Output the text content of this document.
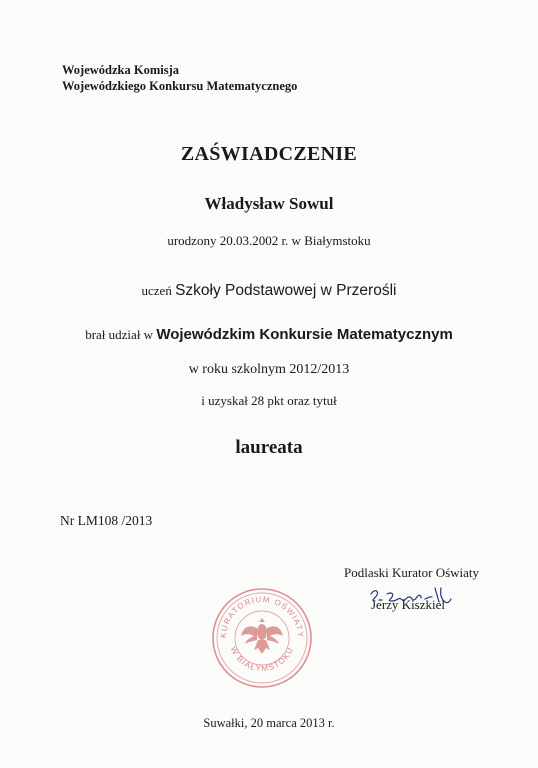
Wojewódzka Komisja
Wojewódzkiego Konkursu Matematycznego
ZAŚWIADCZENIE
Władysław Sowul
urodzony 20.03.2002 r. w Białymstoku
uczeń Szkoły Podstawowej w Przerośli
brał udział w Wojewódzkim Konkursie Matematycznym
w roku szkolnym 2012/2013
i uzyskał 28 pkt oraz tytuł
laureata
Nr LM108 /2013
Podlaski Kurator Oświaty
Jerzy Kiszkiel
KURATORIUM OŚWIATY
W BIAŁYMSTOKU
Suwałki, 20 marca 2013 r.
